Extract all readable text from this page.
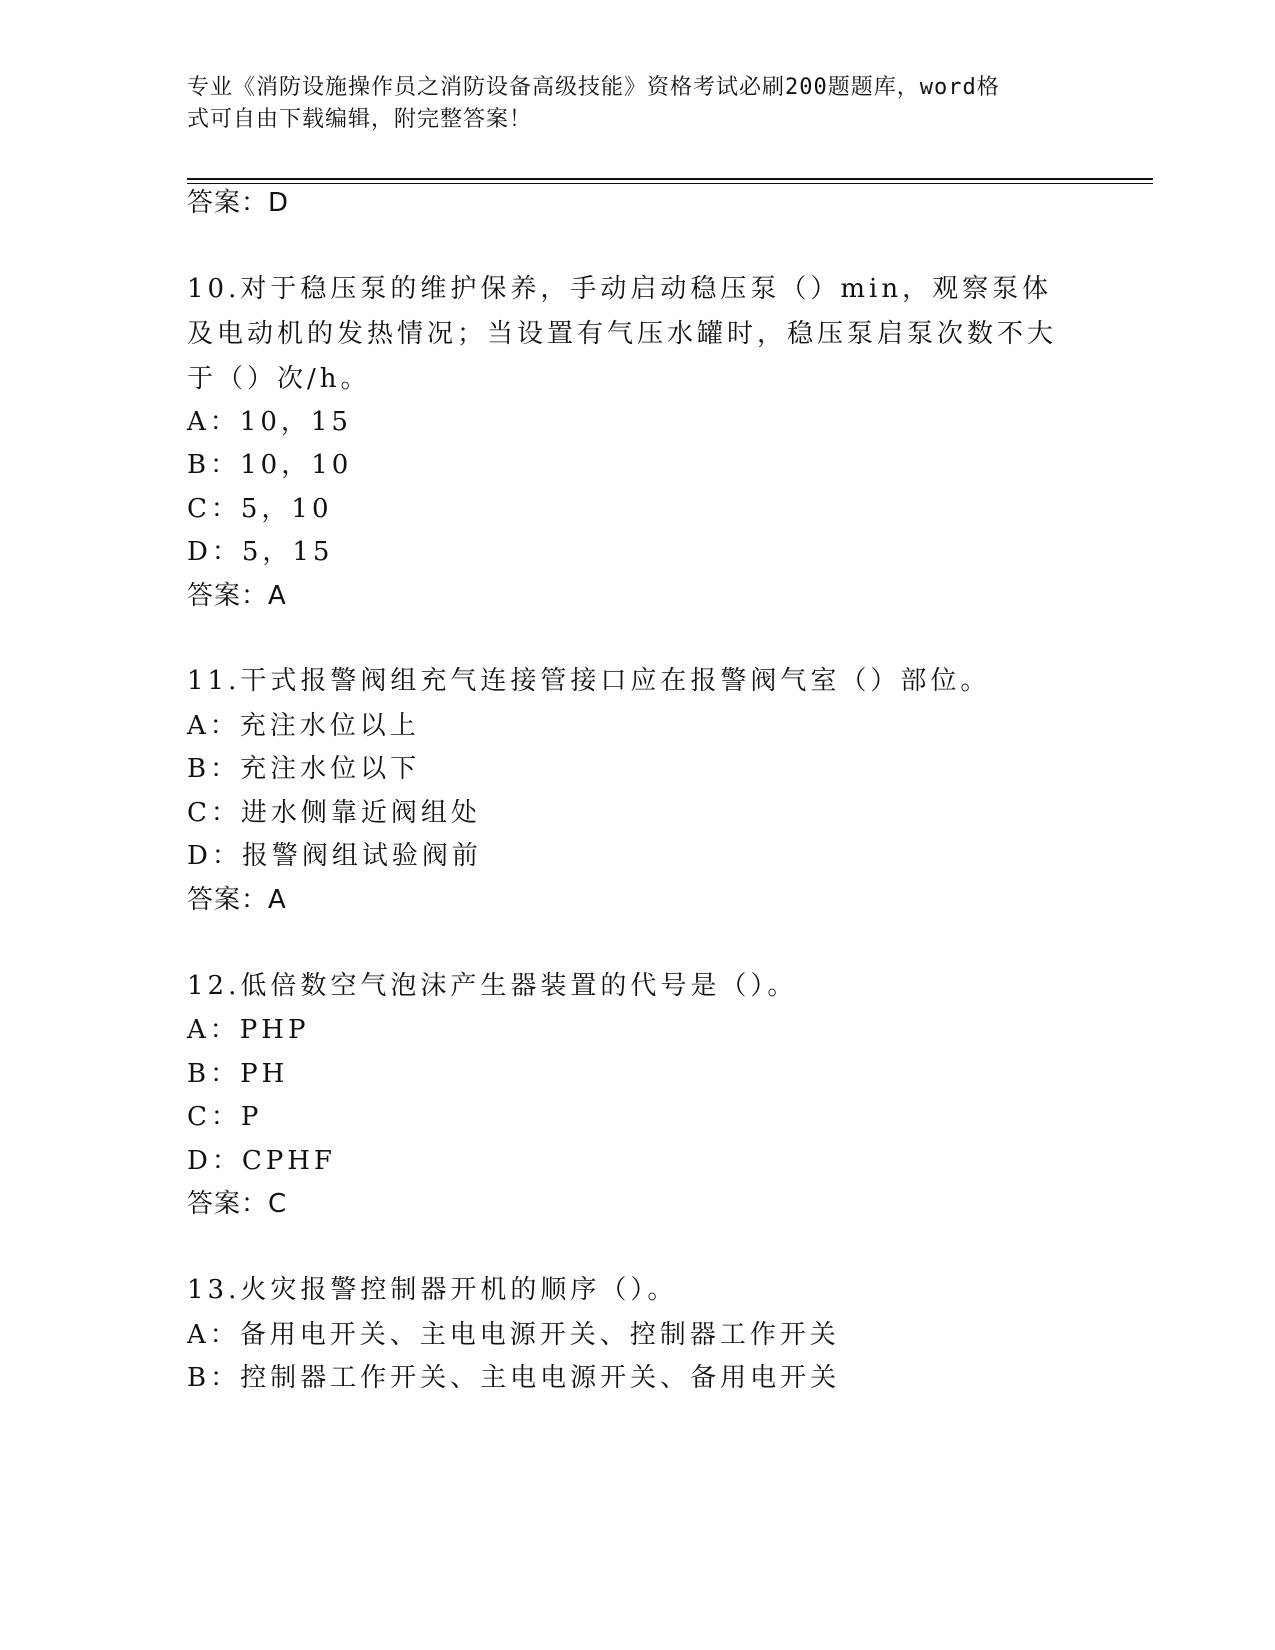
专业《消防设施操作员之消防设备高级技能》资格考试必刷200题题库，word格
式可自由下载编辑，附完整答案！
答案：D
10.对于稳压泵的维护保养，手动启动稳压泵（）min，观察泵体及电动机的发热情况；当设置有气压水罐时，稳压泵启泵次数不大于（）次/h。
A：10，15
B：10，10
C：5，10
D：5，15
答案：A
11.干式报警阀组充气连接管接口应在报警阀气室（）部位。
A：充注水位以上
B：充注水位以下
C：进水侧靠近阀组处
D：报警阀组试验阀前
答案：A
12.低倍数空气泡沫产生器装置的代号是（）。
A：PHP
B：PH
C：P
D：CPHF
答案：C
13.火灾报警控制器开机的顺序（）。
A：备用电开关、主电电源开关、控制器工作开关
B：控制器工作开关、主电电源开关、备用电开关
